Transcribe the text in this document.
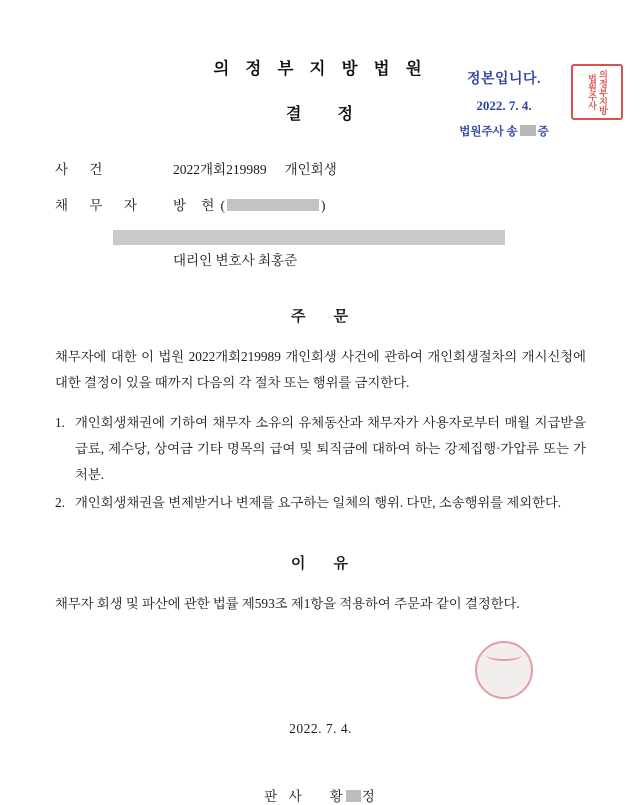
의 정 부 지 방 법 원
결 정
정본입니다.
2022. 7. 4.
법원주사 송 증
의정부지방법원주사
사 건	2022개회219989 개인회생
채 무 자	방 현(	)
대리인 변호사 최홍준
주 문

채무자에 대한 이 법원 2022개회219989 개인회생 사건에 관하여 개인회생절차의 개시신청에 대한 결정이 있을 때까지 다음의 각 절차 또는 행위를 금지한다.

1. 개인회생채권에 기하여 채무자 소유의 유체동산과 채무자가 사용자로부터 매월 지급받을 급료, 제수당, 상여금 기타 명목의 급여 및 퇴직금에 대하여 하는 강제집행·가압류 또는 가처분.
2. 개인회생채권을 변제받거나 변제를 요구하는 일체의 행위. 다만, 소송행위를 제외한다.
이 유

채무자 회생 및 파산에 관한 법률 제593조 제1항을 적용하여 주문과 같이 결정한다.

2022. 7. 4.
판 사 황 정
